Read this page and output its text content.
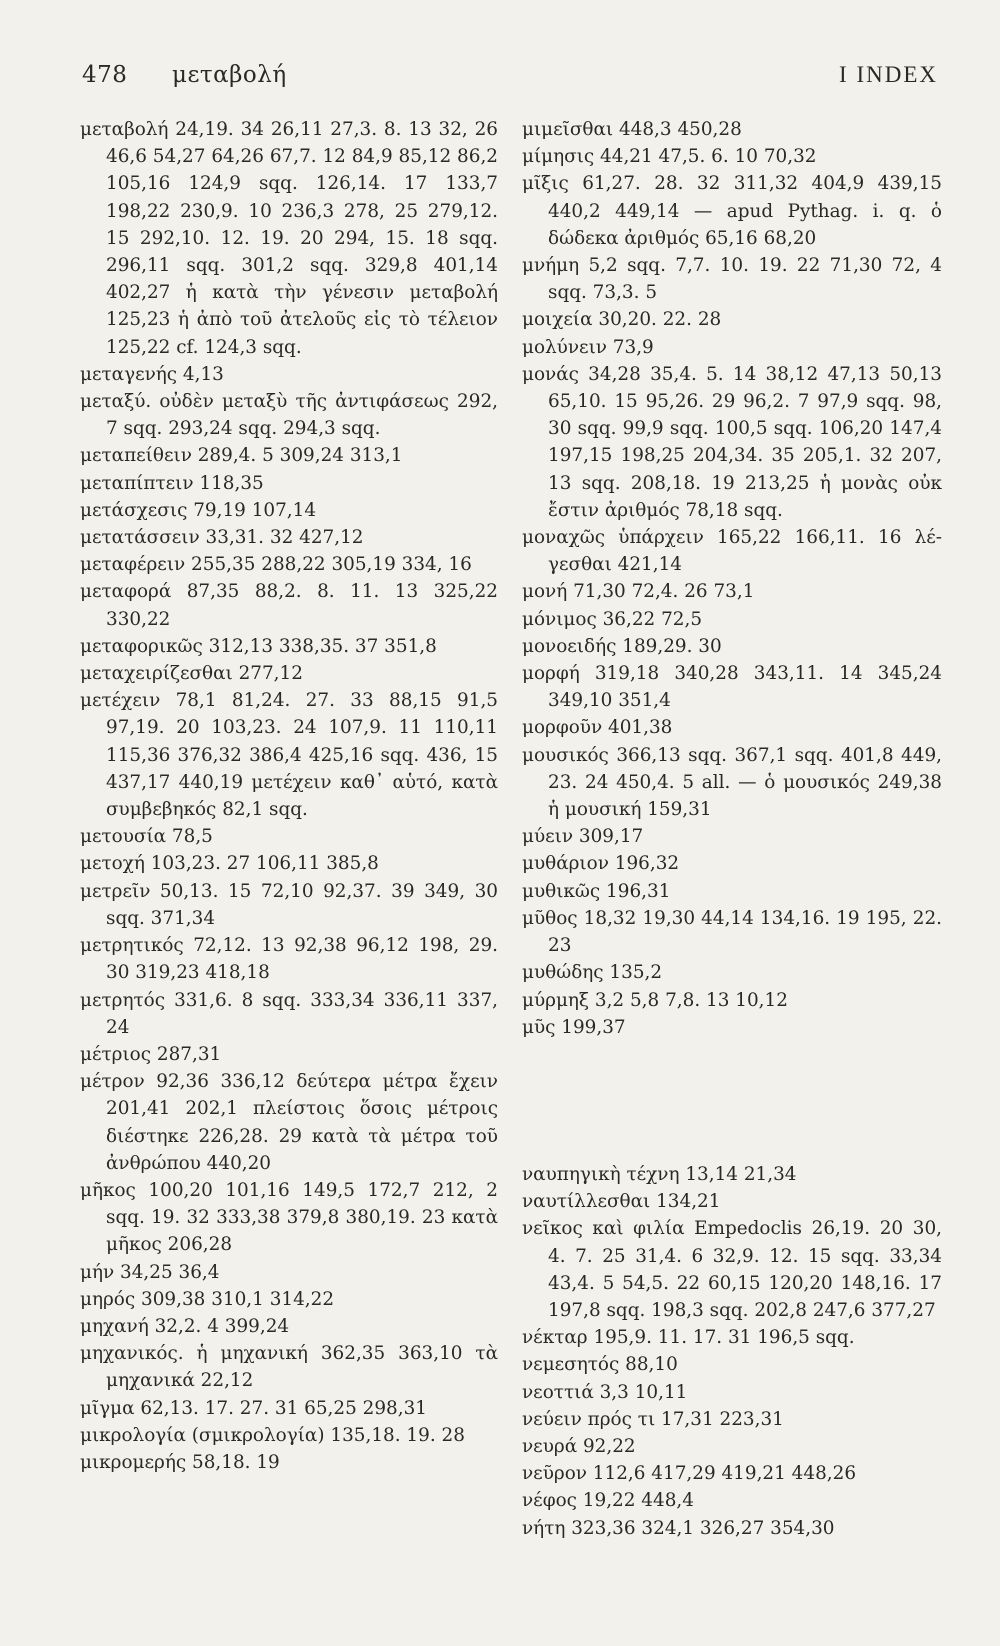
478 μεταβολή	I INDEX
μεταβολή 24,19. 34 26,11 27,3. 8. 13 32, 26 46,6 54,27 64,26 67,7. 12 84,9 85,12 86,2 105,16 124,9 sqq. 126,14. 17 133,7 198,22 230,9. 10 236,3 278, 25 279,12. 15 292,10. 12. 19. 20 294, 15. 18 sqq. 296,11 sqq. 301,2 sqq. 329,8 401,14 402,27 ἡ κατὰ τὴν γένεσιν μεταβολή 125,23 ἡ ἀπὸ τοῦ ἀτελοῦς εἰς τὸ τέλειον 125,22 cf. 124,3 sqq.
μεταγενής 4,13
μεταξύ. οὐδὲν μεταξὺ τῆς ἀντιφάσεως 292, 7 sqq. 293,24 sqq. 294,3 sqq.
μεταπείθειν 289,4. 5 309,24 313,1
μεταπίπτειν 118,35
μετάσχεσις 79,19 107,14
μετατάσσειν 33,31. 32 427,12
μεταφέρειν 255,35 288,22 305,19 334, 16
μεταφορά 87,35 88,2. 8. 11. 13 325,22 330,22
μεταφορικῶς 312,13 338,35. 37 351,8
μεταχειρίζεσθαι 277,12
μετέχειν 78,1 81,24. 27. 33 88,15 91,5 97,19. 20 103,23. 24 107,9. 11 110,11 115,36 376,32 386,4 425,16 sqq. 436, 15 437,17 440,19 μετέχειν καθ᾽ αὑτό, κατὰ συμβεβηκός 82,1 sqq.
μετουσία 78,5
μετοχή 103,23. 27 106,11 385,8
μετρεῖν 50,13. 15 72,10 92,37. 39 349, 30 sqq. 371,34
μετρητικός 72,12. 13 92,38 96,12 198, 29. 30 319,23 418,18
μετρητός 331,6. 8 sqq. 333,34 336,11 337, 24
μέτριος 287,31
μέτρον 92,36 336,12 δεύτερα μέτρα ἔχειν 201,41 202,1 πλείστοις ὅσοις μέτροις διέστηκε 226,28. 29 κατὰ τὰ μέτρα τοῦ ἀνθρώπου 440,20
μῆκος 100,20 101,16 149,5 172,7 212, 2 sqq. 19. 32 333,38 379,8 380,19. 23 κατὰ μῆκος 206,28
μήν 34,25 36,4
μηρός 309,38 310,1 314,22
μηχανή 32,2. 4 399,24
μηχανικός. ἡ μηχανική 362,35 363,10 τὰ μηχανικά 22,12
μῖγμα 62,13. 17. 27. 31 65,25 298,31
μικρολογία (σμικρολογία) 135,18. 19. 28
μικρομερής 58,18. 19
μιμεῖσθαι 448,3 450,28
μίμησις 44,21 47,5. 6. 10 70,32
μῖξις 61,27. 28. 32 311,32 404,9 439,15 440,2 449,14 — apud Pythag. i. q. ὁ δώδεκα ἀριθμός 65,16 68,20
μνήμη 5,2 sqq. 7,7. 10. 19. 22 71,30 72, 4 sqq. 73,3. 5
μοιχεία 30,20. 22. 28
μολύνειν 73,9
μονάς 34,28 35,4. 5. 14 38,12 47,13 50,13 65,10. 15 95,26. 29 96,2. 7 97,9 sqq. 98, 30 sqq. 99,9 sqq. 100,5 sqq. 106,20 147,4 197,15 198,25 204,34. 35 205,1. 32 207, 13 sqq. 208,18. 19 213,25 ἡ μονὰς οὐκ ἔστιν ἀριθμός 78,18 sqq.
μοναχῶς ὑπάρχειν 165,22 166,11. 16 λέγεσθαι 421,14
μονή 71,30 72,4. 26 73,1
μόνιμος 36,22 72,5
μονοειδής 189,29. 30
μορφή 319,18 340,28 343,11. 14 345,24 349,10 351,4
μορφοῦν 401,38
μουσικός 366,13 sqq. 367,1 sqq. 401,8 449, 23. 24 450,4. 5 all. — ὁ μουσικός 249,38 ἡ μουσική 159,31
μύειν 309,17
μυθάριον 196,32
μυθικῶς 196,31
μῦθος 18,32 19,30 44,14 134,16. 19 195, 22. 23
μυθώδης 135,2
μύρμηξ 3,2 5,8 7,8. 13 10,12
μῦς 199,37
ναυπηγικὴ τέχνη 13,14 21,34
ναυτίλλεσθαι 134,21
νεῖκος καὶ φιλία Empedoclis 26,19. 20 30, 4. 7. 25 31,4. 6 32,9. 12. 15 sqq. 33,34 43,4. 5 54,5. 22 60,15 120,20 148,16. 17 197,8 sqq. 198,3 sqq. 202,8 247,6 377,27
νέκταρ 195,9. 11. 17. 31 196,5 sqq.
νεμεσητός 88,10
νεοττιά 3,3 10,11
νεύειν πρός τι 17,31 223,31
νευρά 92,22
νεῦρον 112,6 417,29 419,21 448,26
νέφος 19,22 448,4
νήτη 323,36 324,1 326,27 354,30
